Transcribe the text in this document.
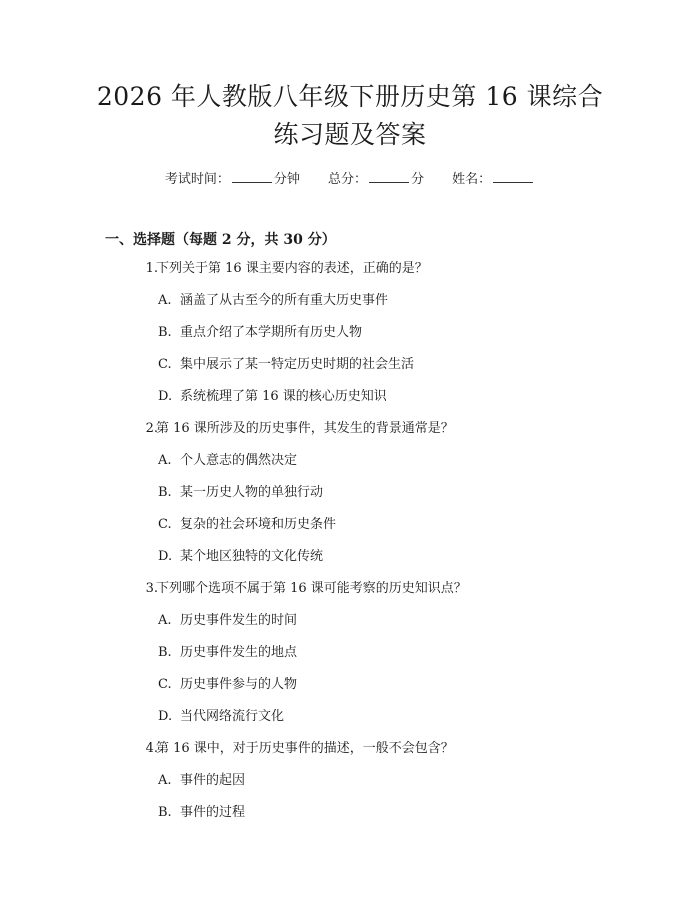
2026 年人教版八年级下册历史第 16 课综合
练习题及答案
考试时间：	分钟 总分：	分 姓名：
一、选择题（每题 2 分，共 30 分）
1.
下列关于第 16 课主要内容的表述，正确的是？
A. 涵盖了从古至今的所有重大历史事件
B. 重点介绍了本学期所有历史人物
C. 集中展示了某一特定历史时期的社会生活
D. 系统梳理了第 16 课的核心历史知识
2.
第 16 课所涉及的历史事件，其发生的背景通常是？
A. 个人意志的偶然决定
B. 某一历史人物的单独行动
C. 复杂的社会环境和历史条件
D. 某个地区独特的文化传统
3.
下列哪个选项不属于第 16 课可能考察的历史知识点？
A. 历史事件发生的时间
B. 历史事件发生的地点
C. 历史事件参与的人物
D. 当代网络流行文化
4.
第 16 课中，对于历史事件的描述，一般不会包含？
A. 事件的起因
B. 事件的过程
